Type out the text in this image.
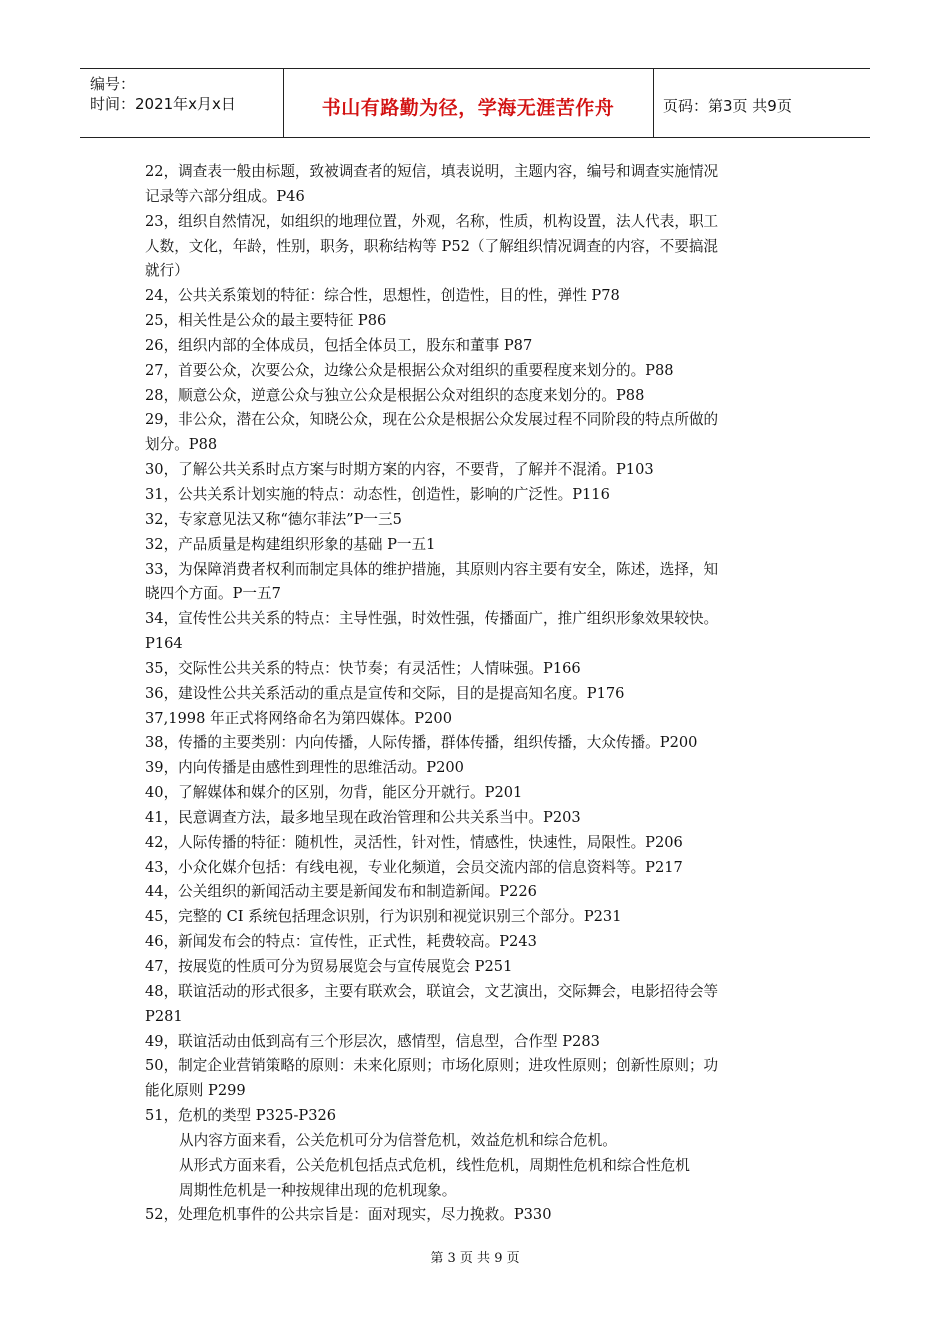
编号：
时间：2021年x月x日	书山有路勤为径，学海无涯苦作舟	页码：第3页 共9页
22，调查表一般由标题，致被调查者的短信，填表说明，主题内容，编号和调查实施情况
记录等六部分组成。P46
23，组织自然情况，如组织的地理位置，外观，名称，性质，机构设置，法人代表，职工
人数，文化，年龄，性别，职务，职称结构等 P52（了解组织情况调查的内容，不要搞混
就行）
24，公共关系策划的特征：综合性，思想性，创造性，目的性，弹性 P78
25，相关性是公众的最主要特征 P86
26，组织内部的全体成员，包括全体员工，股东和董事 P87
27，首要公众，次要公众，边缘公众是根据公众对组织的重要程度来划分的。P88
28，顺意公众，逆意公众与独立公众是根据公众对组织的态度来划分的。P88
29，非公众，潜在公众，知晓公众，现在公众是根据公众发展过程不同阶段的特点所做的
划分。P88
30，了解公共关系时点方案与时期方案的内容，不要背，了解并不混淆。P103
31，公共关系计划实施的特点：动态性，创造性，影响的广泛性。P116
32，专家意见法又称“德尔菲法”P一三5
32，产品质量是构建组织形象的基础 P一五1
33，为保障消费者权利而制定具体的维护措施，其原则内容主要有安全，陈述，选择，知
晓四个方面。P一五7
34，宣传性公共关系的特点：主导性强，时效性强，传播面广，推广组织形象效果较快。
P164
35，交际性公共关系的特点：快节奏；有灵活性；人情味强。P166
36，建设性公共关系活动的重点是宣传和交际，目的是提高知名度。P176
37,1998 年正式将网络命名为第四媒体。P200
38，传播的主要类别：内向传播，人际传播，群体传播，组织传播，大众传播。P200
39，内向传播是由感性到理性的思维活动。P200
40，了解媒体和媒介的区别，勿背，能区分开就行。P201
41，民意调查方法，最多地呈现在政治管理和公共关系当中。P203
42，人际传播的特征：随机性，灵活性，针对性，情感性，快速性，局限性。P206
43，小众化媒介包括：有线电视，专业化频道，会员交流内部的信息资料等。P217
44，公关组织的新闻活动主要是新闻发布和制造新闻。P226
45，完整的 CI 系统包括理念识别，行为识别和视觉识别三个部分。P231
46，新闻发布会的特点：宣传性，正式性，耗费较高。P243
47，按展览的性质可分为贸易展览会与宣传展览会 P251
48，联谊活动的形式很多，主要有联欢会，联谊会，文艺演出，交际舞会，电影招待会等
P281
49，联谊活动由低到高有三个形层次，感情型，信息型，合作型 P283
50，制定企业营销策略的原则：未来化原则；市场化原则；进攻性原则；创新性原则；功
能化原则 P299
51，危机的类型 P325-P326
从内容方面来看，公关危机可分为信誉危机，效益危机和综合危机。
从形式方面来看，公关危机包括点式危机，线性危机，周期性危机和综合性危机
周期性危机是一种按规律出现的危机现象。
52，处理危机事件的公共宗旨是：面对现实，尽力挽救。P330
第 3 页 共 9 页
